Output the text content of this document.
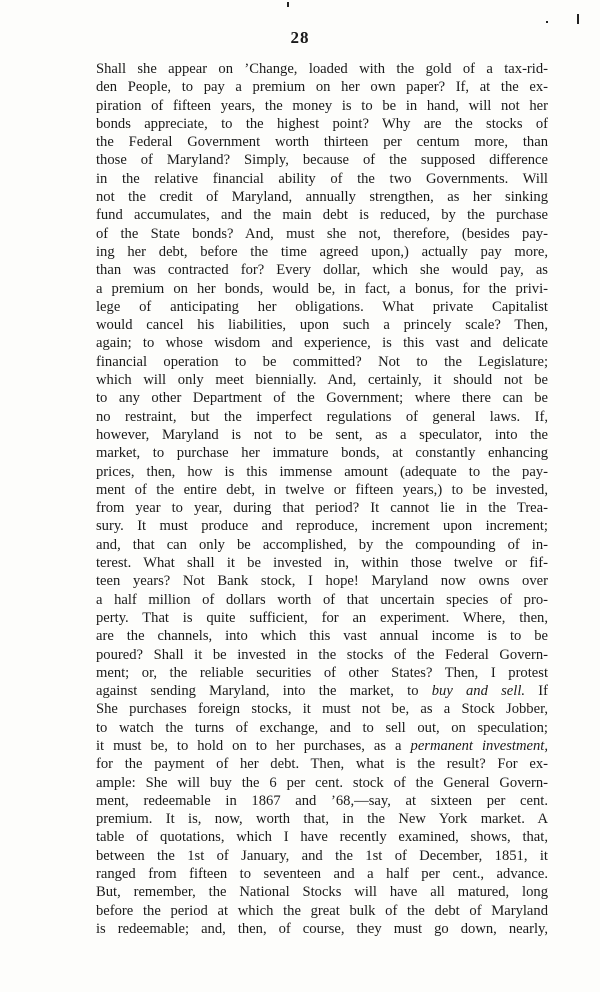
28
Shall she appear on ’Change, loaded with the gold of a tax-rid-
den People, to pay a premium on her own paper? If, at the ex-
piration of fifteen years, the money is to be in hand, will not her
bonds appreciate, to the highest point? Why are the stocks of
the Federal Government worth thirteen per centum more, than
those of Maryland? Simply, because of the supposed difference
in the relative financial ability of the two Governments. Will
not the credit of Maryland, annually strengthen, as her sinking
fund accumulates, and the main debt is reduced, by the purchase
of the State bonds? And, must she not, therefore, (besides pay-
ing her debt, before the time agreed upon,) actually pay more,
than was contracted for? Every dollar, which she would pay, as
a premium on her bonds, would be, in fact, a bonus, for the privi-
lege of anticipating her obligations. What private Capitalist
would cancel his liabilities, upon such a princely scale? Then,
again; to whose wisdom and experience, is this vast and delicate
financial operation to be committed? Not to the Legislature;
which will only meet biennially. And, certainly, it should not be
to any other Department of the Government; where there can be
no restraint, but the imperfect regulations of general laws. If,
however, Maryland is not to be sent, as a speculator, into the
market, to purchase her immature bonds, at constantly enhancing
prices, then, how is this immense amount (adequate to the pay-
ment of the entire debt, in twelve or fifteen years,) to be invested,
from year to year, during that period? It cannot lie in the Trea-
sury. It must produce and reproduce, increment upon increment;
and, that can only be accomplished, by the compounding of in-
terest. What shall it be invested in, within those twelve or fif-
teen years? Not Bank stock, I hope! Maryland now owns over
a half million of dollars worth of that uncertain species of pro-
perty. That is quite sufficient, for an experiment. Where, then,
are the channels, into which this vast annual income is to be
poured? Shall it be invested in the stocks of the Federal Govern-
ment; or, the reliable securities of other States? Then, I protest
against sending Maryland, into the market, to buy and sell. If
She purchases foreign stocks, it must not be, as a Stock Jobber,
to watch the turns of exchange, and to sell out, on speculation;
it must be, to hold on to her purchases, as a permanent investment,
for the payment of her debt. Then, what is the result? For ex-
ample: She will buy the 6 per cent. stock of the General Govern-
ment, redeemable in 1867 and ’68,—say, at sixteen per cent.
premium. It is, now, worth that, in the New York market. A
table of quotations, which I have recently examined, shows, that,
between the 1st of January, and the 1st of December, 1851, it
ranged from fifteen to seventeen and a half per cent., advance.
But, remember, the National Stocks will have all matured, long
before the period at which the great bulk of the debt of Maryland
is redeemable; and, then, of course, they must go down, nearly,
